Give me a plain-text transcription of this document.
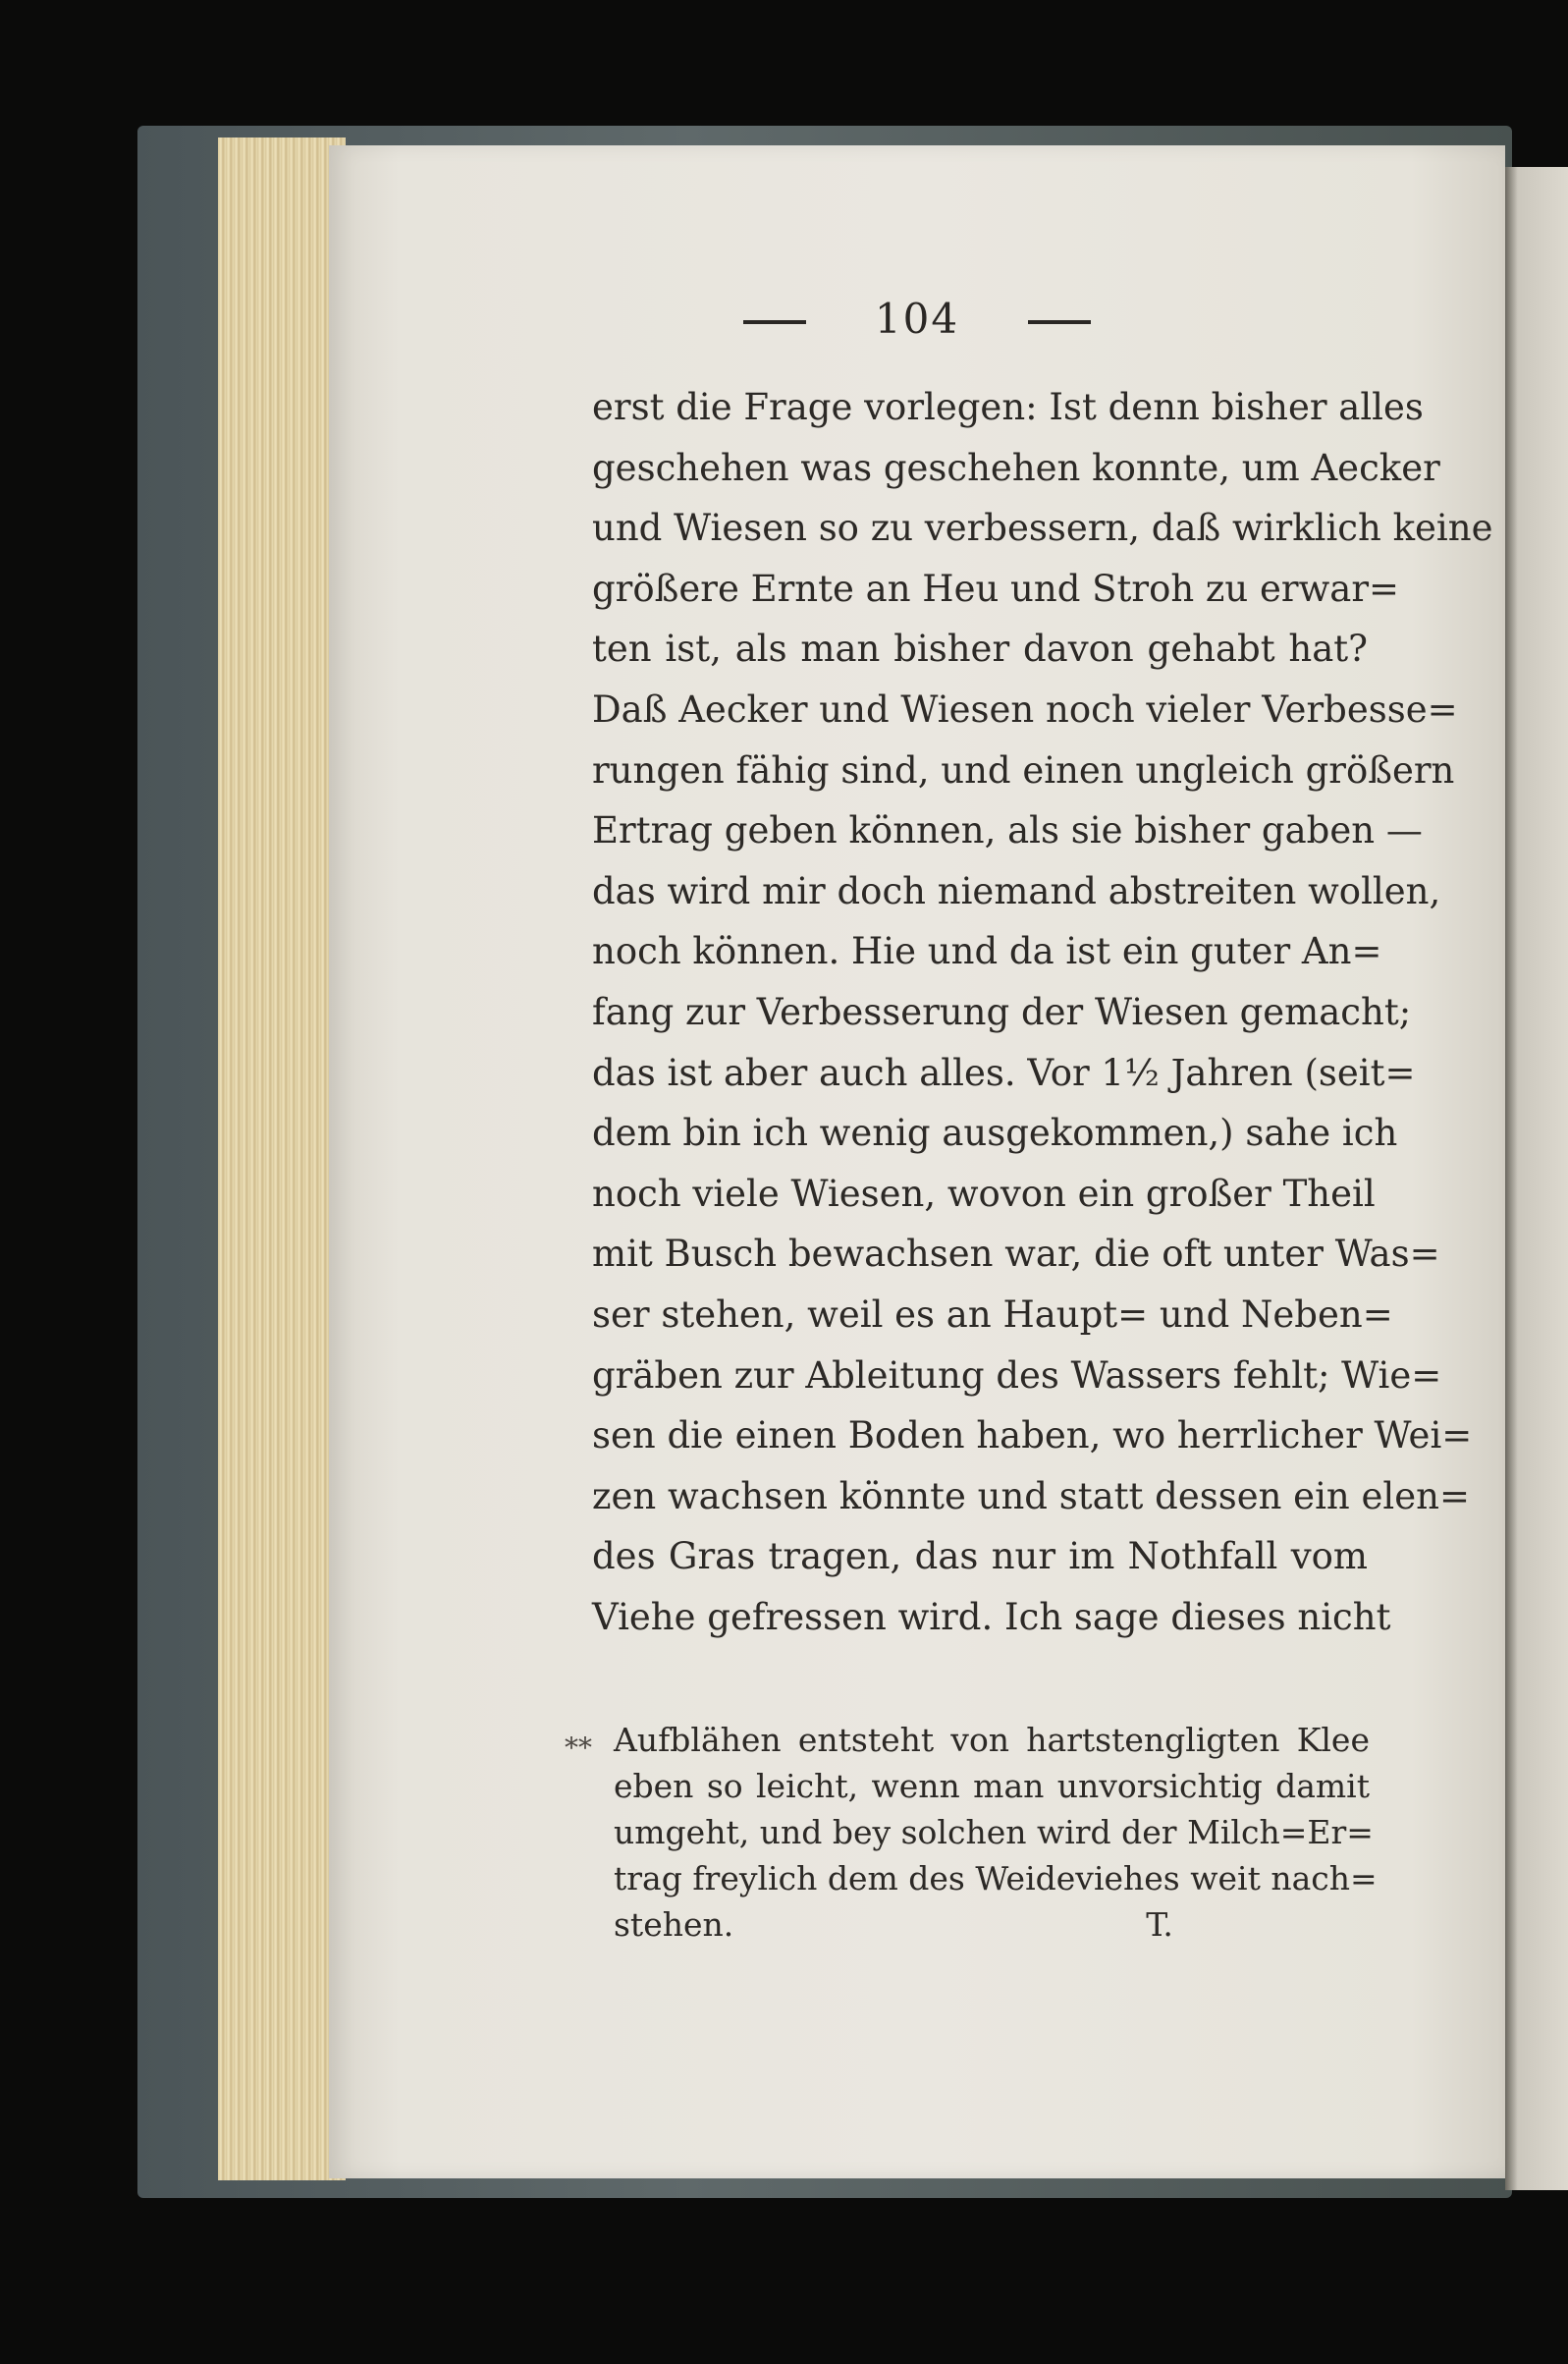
104
erst die Frage vorlegen: Ist denn bisher alles
geschehen was geschehen konnte, um Aecker
und Wiesen so zu verbessern, daß wirklich keine
größere Ernte an Heu und Stroh zu erwar=
ten ist, als man bisher davon gehabt hat?
Daß Aecker und Wiesen noch vieler Verbesse=
rungen fähig sind, und einen ungleich größern
Ertrag geben können, als sie bisher gaben —
das wird mir doch niemand abstreiten wollen,
noch können. Hie und da ist ein guter An=
fang zur Verbesserung der Wiesen gemacht;
das ist aber auch alles. Vor 1½ Jahren (seit=
dem bin ich wenig ausgekommen,) sahe ich
noch viele Wiesen, wovon ein großer Theil
mit Busch bewachsen war, die oft unter Was=
ser stehen, weil es an Haupt= und Neben=
gräben zur Ableitung des Wassers fehlt; Wie=
sen die einen Boden haben, wo herrlicher Wei=
zen wachsen könnte und statt dessen ein elen=
des Gras tragen, das nur im Nothfall vom
Viehe gefressen wird. Ich sage dieses nicht
** Aufblähen entsteht von hartstengligten Klee
eben so leicht, wenn man unvorsichtig damit
umgeht, und bey solchen wird der Milch=Er=
trag freylich dem des Weideviehes weit nach=
stehen.	T.
